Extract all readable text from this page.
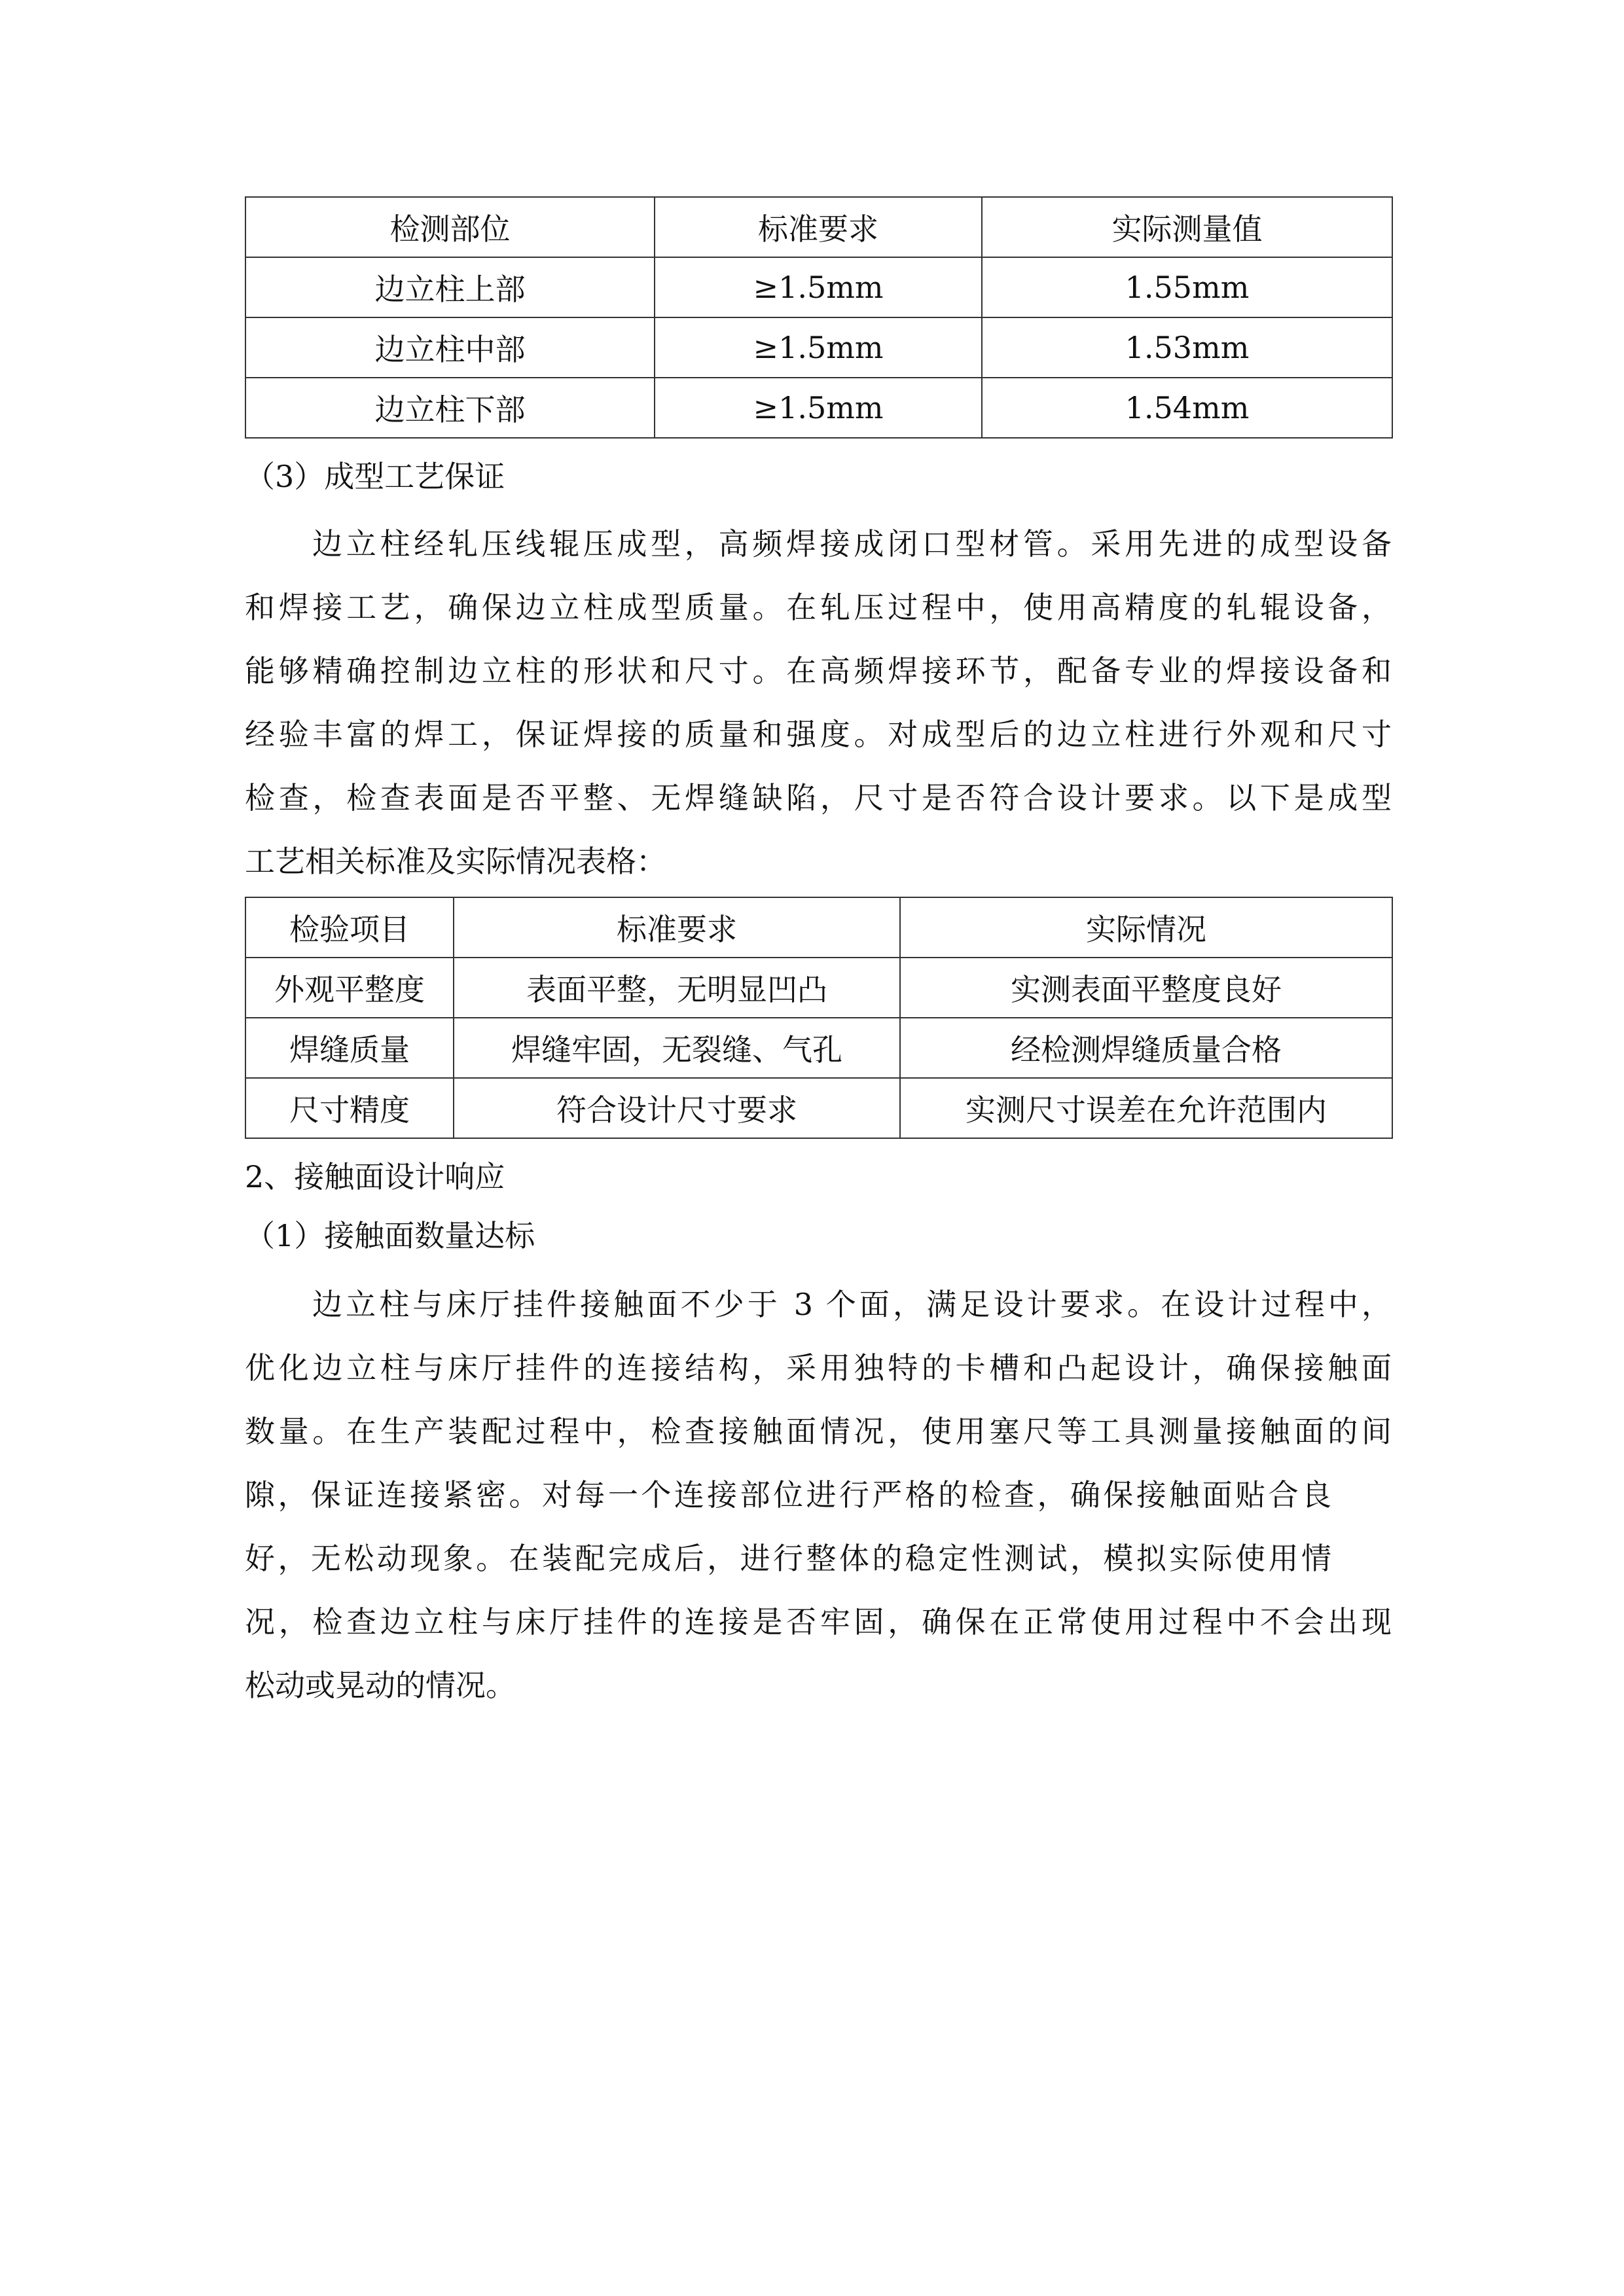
检测部位	标准要求	实际测量值
边立柱上部	≥1.5mm	1.55mm
边立柱中部	≥1.5mm	1.53mm
边立柱下部	≥1.5mm	1.54mm
（3）成型工艺保证
边立柱经轧压线辊压成型，高频焊接成闭口型材管。采用先进的成型设备
和焊接工艺，确保边立柱成型质量。在轧压过程中，使用高精度的轧辊设备，
能够精确控制边立柱的形状和尺寸。在高频焊接环节，配备专业的焊接设备和
经验丰富的焊工，保证焊接的质量和强度。对成型后的边立柱进行外观和尺寸
检查，检查表面是否平整、无焊缝缺陷，尺寸是否符合设计要求。以下是成型
工艺相关标准及实际情况表格：
检验项目	标准要求	实际情况
外观平整度	表面平整，无明显凹凸	实测表面平整度良好
焊缝质量	焊缝牢固，无裂缝、气孔	经检测焊缝质量合格
尺寸精度	符合设计尺寸要求	实测尺寸误差在允许范围内
2、接触面设计响应
（1）接触面数量达标
边立柱与床厅挂件接触面不少于 3 个面，满足设计要求。在设计过程中，
优化边立柱与床厅挂件的连接结构，采用独特的卡槽和凸起设计，确保接触面
数量。在生产装配过程中，检查接触面情况，使用塞尺等工具测量接触面的间
隙，保证连接紧密。对每一个连接部位进行严格的检查，确保接触面贴合良
好，无松动现象。在装配完成后，进行整体的稳定性测试，模拟实际使用情
况，检查边立柱与床厅挂件的连接是否牢固，确保在正常使用过程中不会出现
松动或晃动的情况。
